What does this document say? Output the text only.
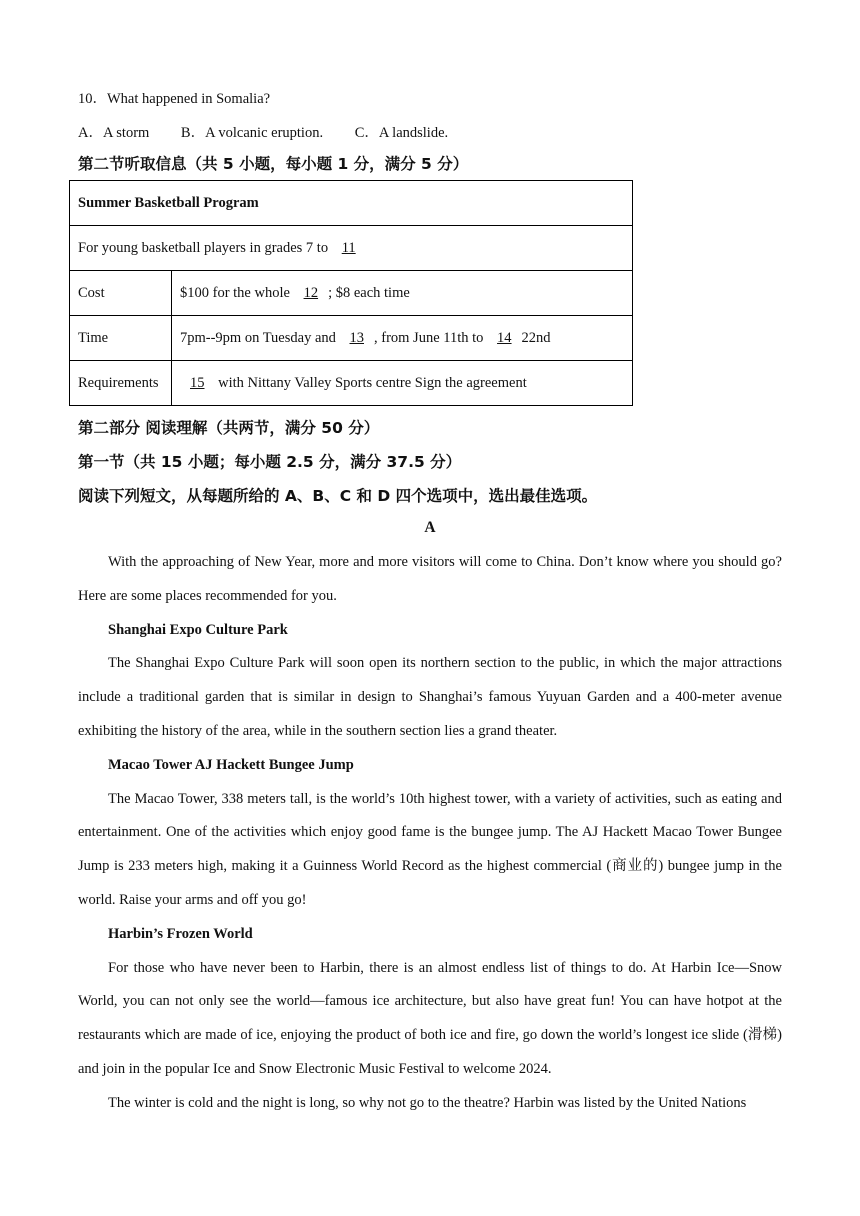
10．What happened in Somalia?
A．A storm B．A volcanic eruption. C．A landslide.
第二节听取信息（共 5 小题，每小题 1 分，满分 5 分）
Summer Basketball Program	
For young basketball players in grades 7 to 11	
Cost	$100 for the whole 12 ; $8 each time
Time	7pm--9pm on Tuesday and 13 , from June 11th to 14 22nd
Requirements	15 with Nittany Valley Sports centre Sign the agreement
第二部分 阅读理解（共两节，满分 50 分）
第一节（共 15 小题；每小题 2.5 分，满分 37.5 分）
阅读下列短文，从每题所给的 A、B、C 和 D 四个选项中，选出最佳选项。
A

With the approaching of New Year, more and more visitors will come to China. Don’t know where you should go? Here are some places recommended for you.

Shanghai Expo Culture Park

The Shanghai Expo Culture Park will soon open its northern section to the public, in which the major attractions include a traditional garden that is similar in design to Shanghai’s famous Yuyuan Garden and a 400-meter avenue exhibiting the history of the area, while in the southern section lies a grand theater.

Macao Tower AJ Hackett Bungee Jump

The Macao Tower, 338 meters tall, is the world’s 10th highest tower, with a variety of activities, such as eating and entertainment. One of the activities which enjoy good fame is the bungee jump. The AJ Hackett Macao Tower Bungee Jump is 233 meters high, making it a Guinness World Record as the highest commercial (商业的) bungee jump in the world. Raise your arms and off you go!

Harbin’s Frozen World

For those who have never been to Harbin, there is an almost endless list of things to do. At Harbin Ice—Snow World, you can not only see the world—famous ice architecture, but also have great fun! You can have hotpot at the restaurants which are made of ice, enjoying the product of both ice and fire, go down the world’s longest ice slide (滑梯) and join in the popular Ice and Snow Electronic Music Festival to welcome 2024.

The winter is cold and the night is long, so why not go to the theatre? Harbin was listed by the United Nations
